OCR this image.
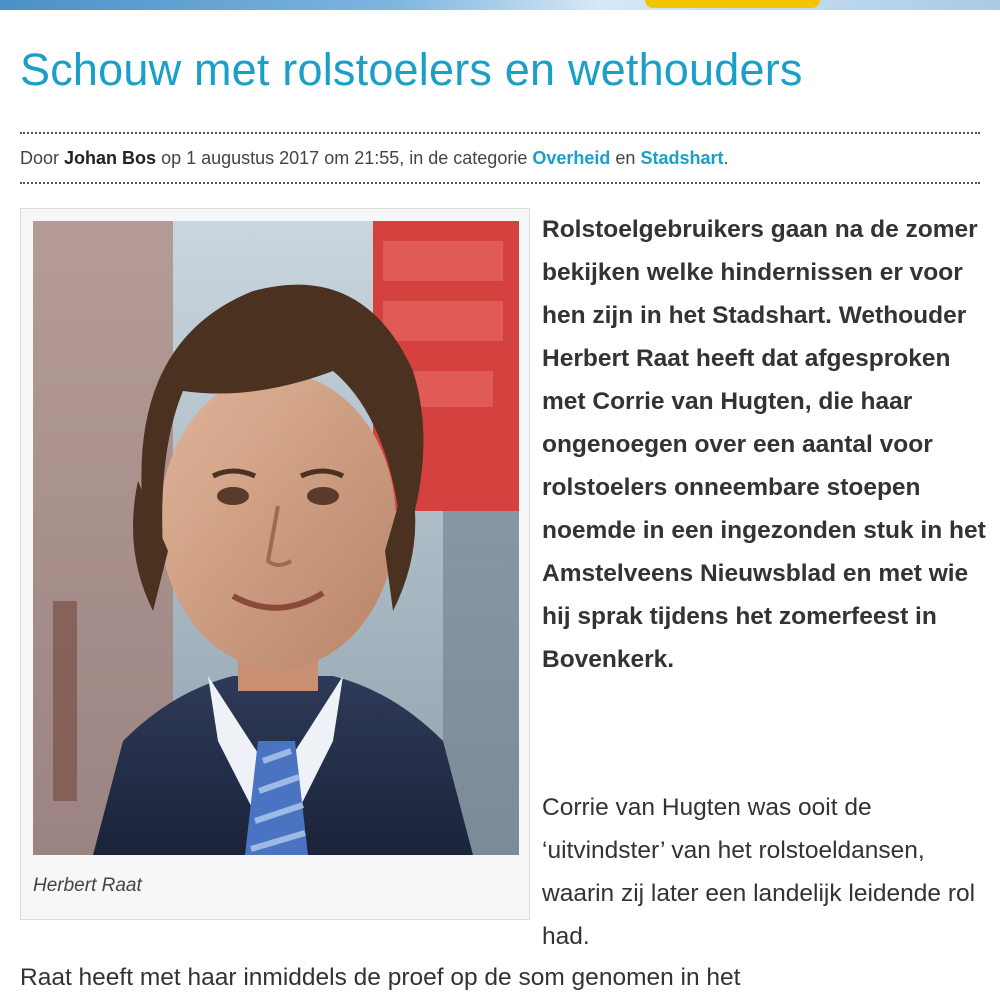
Schouw met rolstoelers en wethouders
Door Johan Bos op 1 augustus 2017 om 21:55, in de categorie Overheid en Stadshart.
Herbert Raat

Rolstoelgebruikers gaan na de zomer bekijken welke hindernissen er voor hen zijn in het Stadshart. Wethouder Herbert Raat heeft dat afgesproken met Corrie van Hugten, die haar ongenoegen over een aantal voor rolstoelers onneembare stoepen noemde in een ingezonden stuk in het Amstelveens Nieuwsblad en met wie hij sprak tijdens het zomerfeest in Bovenkerk.

Corrie van Hugten was ooit de ‘uitvindster’ van het rolstoeldansen, waarin zij later een landelijk leidende rol had.

Raat heeft met haar inmiddels de proef op de som genomen in het
